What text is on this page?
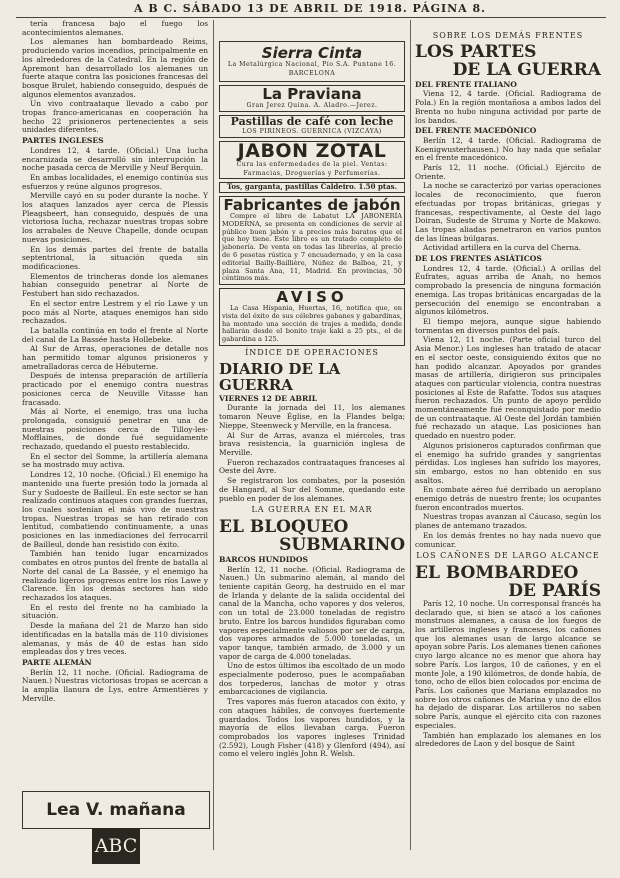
A B C. SÁBADO 13 DE ABRIL DE 1918. PÁGINA 8.

tería francesa bajo el fuego los acontecimientos alemanes.

Los alemanes han bombardeado Reims, produciendo varios incendios, principalmente en los alrededores de la Catedral. En la región de Apremont han desarrollado los alemanes un fuerte ataque contra las posiciones francesas del bosque Brulet, habiendo conseguido, después de algunos elementos avanzados.

Un vivo contraataque llevado a cabo por tropas franco-americanas en cooperación ha hecho 22 prisioneros pertenecientes a seis unidades diferentes.

PARTES INGLESES

Londres 12, 4 tarde. (Oficial.) Una lucha encarnizada se desarrolló sin interrupción la noche pasada cerca de Merville y Neuf Berquin.

En ambas localidades, el enemigo continúa sus esfuerzos y reúne algunos progresos.

Merville cayó en su poder durante la noche. Y los ataques lanzados ayer cerca de Plessis Pleagsbeert, han conseguido, después de una victoriosa lucha, rechazar nuestras tropas sobre los arrabales de Neuve Chapelle, donde ocupan nuevas posiciones.

En los demás partes del frente de batalla septentrional, la situación queda sin modificaciones.

Elementos de trincheras donde los alemanes habían conseguido penetrar al Norte de Festubert han sido rechazados.

En el sector entre Lestrem y el río Lawe y un poco más al Norte, ataques enemigos han sido rechazados.

La batalla continúa en todo el frente al Norte del canal de La Bassée hasta Hollebeke.

Al Sur de Arras, operaciones de detalle nos han permitido tomar algunos prisioneros y ametralladoras cerca de Hébuterne.

Después de intensa preparación de artillería practicado por el enemigo contra nuestras posiciones cerca de Neuville Vitasse han fracasado.

Más al Norte, el enemigo, tras una lucha prolongada, consiguió penetrar en una de nuestras posiciones cerca de Tilloy-les-Mofflaines, de donde fué seguidamente rechazado, quedando el puesto restablecido.

En el sector del Somme, la artillería alemana se ha mostrado muy activa.

Londres 12, 10 noche. (Oficial.) El enemigo ha mantenido una fuerte presión todo la jornada al Sur y Sudoeste de Bailleul. En este sector se han realizado continuos ataques con grandes fuerzas, los cuales sostenían el más vivo de nuestras tropas. Nuestras tropas se han retirado con lentitud, combatiendo continuamente, a unas posiciones en las inmediaciones del ferrocarril de Bailleul, donde han resistido con éxito.

También han tenido lugar encarnizados combates en otros puntos del frente de batalla al Norte del canal de La Bassée, y el enemigo ha realizado ligeros progresos entre los ríos Lawe y Clarence. En los demás sectores han sido rechazados los ataques.

En el resto del frente no ha cambiado la situación.

Desde la mañana del 21 de Marzo han sido identificadas en la batalla más de 110 divisiones alemanas, y más de 40 de estas han sido empleadas dos y tres veces.

PARTE ALEMÁN

Berlín 12, 11 noche. (Oficial. Radiograma de Nauen.) Nuestras victoriosas tropas se acercan a la amplia llanura de Lys, entre Armentières y Merville.

Lea V. mañana ABC
Sierra Cinta
La Metalúrgica Nacional, Pío S.A. Puntane 16. BARCELONA
La Praviana
Gran Jerez Quina. A. Aladro.—Jerez.
Pastillas de café con leche
LOS PIRINEOS. GUERNICA (VIZCAYA)
JABON ZOTAL
Cura las enfermedades de la piel. Ventas: Farmacias, Droguerías y Perfumerías.
Tos, garganta, pastillas Caldeiro. 1.50 ptas.
Fabricantes de jabón

Compre el libro de Labatut LA JABONERÍA MODERNA, se presenta en condiciones de servir al público buen jabón y a precios más baratos que el que hoy tiene. Este libro es un tratado completo de jabonería. De venta en todas las librerías, al precio de 6 pesetas rústica y 7 encuadernado, y en la casa editorial Bailly-Baillière, Núñez de Balboa, 21, y plaza Santa Ana, 11, Madrid. En provincias, 50 céntimos más.

AVISO

La Casa Hispania, Huertas, 16, notifica que, en vista del éxito de sus célebres gabanes y gabardinas, ha montado una sección de trajes a medida, donde hallarán desde el bonito traje kaki a 25 pts., el de gabardina a 125.

ÍNDICE DE OPERACIONES
DIARIO DE LA GUERRA
VIERNES 12 DE ABRIL

Durante la jornada del 11, los alemanes tomaron Neuve Église, en la Flandes belga; Nieppe, Steenweck y Merville, en la francesa.

Al Sur de Arras, avanza el miércoles, tras brava resistencia, la guarnición inglesa de Merville.

Fueron rechazados contraataques franceses al Oeste del Avre.

Se registraron los combates, por la posesión de Hangard, al Sur del Somme, quedando este pueblo en poder de los alemanes.

LA GUERRA EN EL MAR
EL BLOQUEO
SUBMARINO
BARCOS HUNDIDOS

Berlín 12, 11 noche. (Oficial. Radiograma de Nauen.) Un submarino alemán, al mando del teniente capitán Georg, ha destruido en el mar de Irlanda y delante de la salida occidental del canal de la Mancha, ocho vapores y dos veleros, con un total de 23.000 toneladas de registro bruto. Entre los barcos hundidos figuraban como vapores especialmente valiosos por ser de carga, dos vapores armados de 5.000 toneladas, un vapor tanque, también armado, de 3.000 y un vapor de carga de 4.000 toneladas.

Uno de estos últimos iba escoltado de un modo especialmente poderoso, pues le acompañaban dos torpederos, lanchas de motor y otras embarcaciones de vigilancia.

Tres vapores más fueron atacados con éxito, y con ataques hábiles, de convoyes fuertemente guardados. Todos los vapores hundidos, y la mayoría de ellos llevaban carga. Fueron comprobados los vapores ingleses Trinidad (2.592), Lough Fisher (418) y Glenford (494), así como el velero inglés John R. Welsh.

SOBRE LOS DEMÁS FRENTES
LOS PARTES
DE LA GUERRA
DEL FRENTE ITALIANO

Viena 12, 4 tarde. (Oficial. Radiograma de Pola.) En la región montañosa a ambos lados del Brenta no hubo ninguna actividad por parte de los bandos.

DEL FRENTE MACEDÓNICO

Berlín 12, 4 tarde. (Oficial. Radiograma de Koenigwusterhausen.) No hay nada que señalar en el frente macedónico.

París 12, 11 noche. (Oficial.) Ejército de Oriente.

La noche se caracterizó por varias operaciones locales de reconocimiento, que fueron efectuadas por tropas británicas, griegas y francesas, respectivamente, al Oeste del lago Doiran, Sudeste de Struma y Norte de Makowo. Las tropas aliadas penetraron en varios puntos de las líneas búlgaras.

Actividad artillera en la curva del Cherna.

DE LOS FRENTES ASIÁTICOS

Londres 12, 4 tarde. (Oficial.) A orillas del Éufrates, aguas arriba de Anah, no hemos comprobado la presencia de ninguna formación enemiga. Las tropas británicas encargadas de la persecución del enemigo se encontraban a algunos kilómetros.

El tiempo mejora, aunque sigue habiendo tormentas en diversos puntos del país.

Viena 12, 11 noche. (Parte oficial turco del Asia Menor.) Los ingleses han tratado de atacar en el sector oeste, consiguiendo éxitos que no han podido alcanzar. Apoyados por grandes masas de artillería, dirigieron sus principales ataques con particular violencia, contra nuestras posiciones al Este de Rafatte. Todos sus ataques fueron rechazados. Un punto de apoyo perdido momentáneamente fué reconquistado por medio de un contraataque. Al Oeste del Jordán también fué rechazado un ataque. Las posiciones han quedado en nuestro poder.

Algunos prisioneros capturados confirman que el enemigo ha sufrido grandes y sangrientas pérdidas. Los ingleses han sufrido los mayores, sin embargo, estos no han obtenido en sus asaltos.

En combate aéreo fué derribado un aeroplano enemigo detrás de nuestro frente; los ocupantes fueron encontrados muertos.

Nuestras tropas avanzan al Cáucaso, según los planes de antemano trazados.

En los demás frentes no hay nada nuevo que comunicar.

LOS CAÑONES DE LARGO ALCANCE
EL BOMBARDEO
DE PARÍS

París 12, 10 noche. Un corresponsal francés ha declarado que, si bien se atacó a los cañones monstruos alemanes, a causa de los fuegos de los artilleros ingleses y franceses, los cañones que los alemanes usan de largo alcance se apoyan sobre París. Los alemanes tienen cañones cuyo largo alcance no es menor que ahora hay sobre París. Los largos, 10 de cañones, y en el monte Jole, a 190 kilómetros, de donde había, de tono, ocho de ellos bien colocados por encima de París. Los cañones que Mariana emplazados no sobre los otros cañones de Marina y uno de ellos ha dejado de disparar. Los artilleros no saben sobre París, aunque el ejército cita con razones especiales.

También han emplazado los alemanes en los alrededores de Laon y del bosque de Saint
